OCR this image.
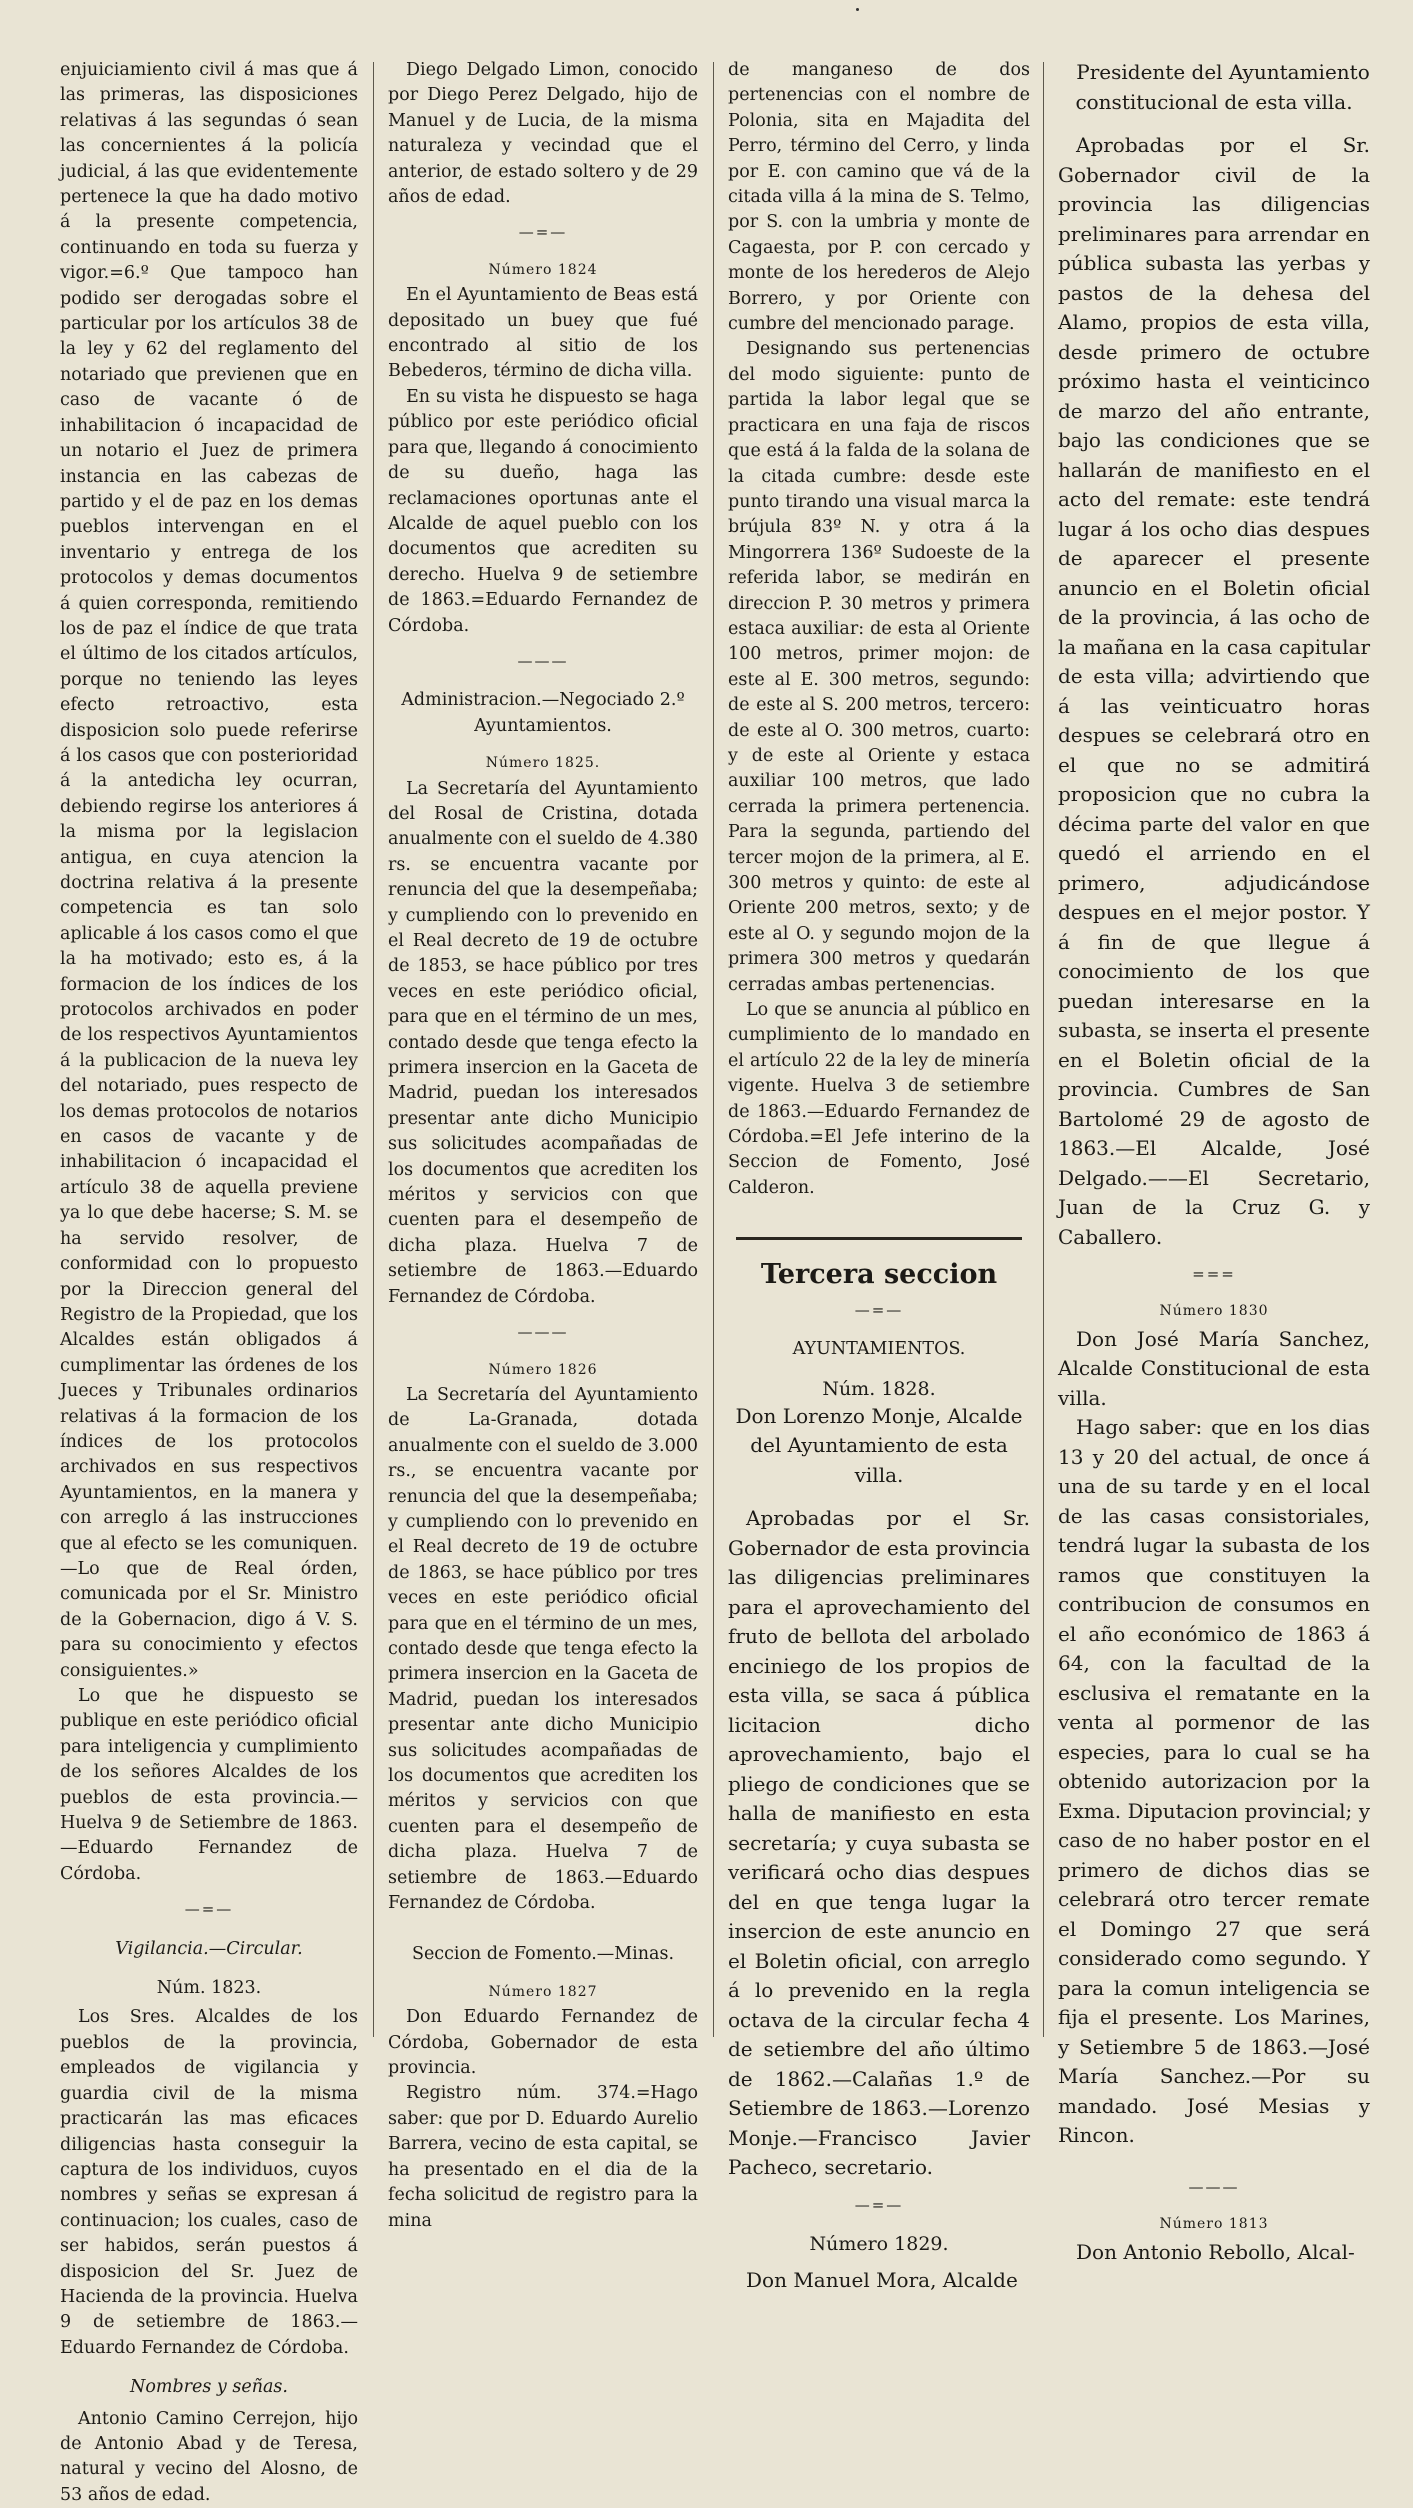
enjuiciamiento civil á mas que á las primeras, las disposiciones relativas á las segundas ó sean las concernientes á la policía judicial, á las que evidentemente pertenece la que ha dado motivo á la presente competencia, continuando en toda su fuerza y vigor.=6.º Que tampoco han podido ser derogadas sobre el particular por los artículos 38 de la ley y 62 del reglamento del notariado que previenen que en caso de vacante ó de inhabilitacion ó incapacidad de un notario el Juez de primera instancia en las cabezas de partido y el de paz en los demas pueblos intervengan en el inventario y entrega de los protocolos y demas documentos á quien corresponda, remitiendo los de paz el índice de que trata el último de los citados artículos, porque no teniendo las leyes efecto retroactivo, esta disposicion solo puede referirse á los casos que con posterioridad á la antedicha ley ocurran, debiendo regirse los anteriores á la misma por la legislacion antigua, en cuya atencion la doctrina relativa á la presente competencia es tan solo aplicable á los casos como el que la ha motivado; esto es, á la formacion de los índices de los protocolos archivados en poder de los respectivos Ayuntamientos á la publicacion de la nueva ley del notariado, pues respecto de los demas protocolos de notarios en casos de vacante y de inhabilitacion ó incapacidad el artículo 38 de aquella previene ya lo que debe hacerse; S. M. se ha servido resolver, de conformidad con lo propuesto por la Direccion general del Registro de la Propiedad, que los Alcaldes están obligados á cumplimentar las órdenes de los Jueces y Tribunales ordinarios relativas á la formacion de los índices de los protocolos archivados en sus respectivos Ayuntamientos, en la manera y con arreglo á las instrucciones que al efecto se les comuniquen.—Lo que de Real órden, comunicada por el Sr. Ministro de la Gobernacion, digo á V. S. para su conocimiento y efectos consiguientes.»

Lo que he dispuesto se publique en este periódico oficial para inteligencia y cumplimiento de los señores Alcaldes de los pueblos de esta provincia.—Huelva 9 de Setiembre de 1863.—Eduardo Fernandez de Córdoba.

—=—
Vigilancia.—Circular.
Núm. 1823.

Los Sres. Alcaldes de los pueblos de la provincia, empleados de vigilancia y guardia civil de la misma practicarán las mas eficaces diligencias hasta conseguir la captura de los individuos, cuyos nombres y señas se expresan á continuacion; los cuales, caso de ser habidos, serán puestos á disposicion del Sr. Juez de Hacienda de la provincia. Huelva 9 de setiembre de 1863.—Eduardo Fernandez de Córdoba.

Nombres y señas.

Antonio Camino Cerrejon, hijo de Antonio Abad y de Teresa, natural y vecino del Alosno, de 53 años de edad.

Diego Delgado Limon, conocido por Diego Perez Delgado, hijo de Manuel y de Lucia, de la misma naturaleza y vecindad que el anterior, de estado soltero y de 29 años de edad.

—=—
Número 1824

En el Ayuntamiento de Beas está depositado un buey que fué encontrado al sitio de los Bebederos, término de dicha villa.

En su vista he dispuesto se haga público por este periódico oficial para que, llegando á conocimiento de su dueño, haga las reclamaciones oportunas ante el Alcalde de aquel pueblo con los documentos que acrediten su derecho. Huelva 9 de setiembre de 1863.=Eduardo Fernandez de Córdoba.

———
Administracion.—Negociado 2.º Ayuntamientos.
Número 1825.

La Secretaría del Ayuntamiento del Rosal de Cristina, dotada anualmente con el sueldo de 4.380 rs. se encuentra vacante por renuncia del que la desempeñaba; y cumpliendo con lo prevenido en el Real decreto de 19 de octubre de 1853, se hace público por tres veces en este periódico oficial, para que en el término de un mes, contado desde que tenga efecto la primera insercion en la Gaceta de Madrid, puedan los interesados presentar ante dicho Municipio sus solicitudes acompañadas de los documentos que acrediten los méritos y servicios con que cuenten para el desempeño de dicha plaza. Huelva 7 de setiembre de 1863.—Eduardo Fernandez de Córdoba.

———
Número 1826

La Secretaría del Ayuntamiento de La-Granada, dotada anualmente con el sueldo de 3.000 rs., se encuentra vacante por renuncia del que la desempeñaba; y cumpliendo con lo prevenido en el Real decreto de 19 de octubre de 1863, se hace público por tres veces en este periódico oficial para que en el término de un mes, contado desde que tenga efecto la primera insercion en la Gaceta de Madrid, puedan los interesados presentar ante dicho Municipio sus solicitudes acompañadas de los documentos que acrediten los méritos y servicios con que cuenten para el desempeño de dicha plaza. Huelva 7 de setiembre de 1863.—Eduardo Fernandez de Córdoba.

Seccion de Fomento.—Minas.
Número 1827

Don Eduardo Fernandez de Córdoba, Gobernador de esta provincia.

Registro núm. 374.=Hago saber: que por D. Eduardo Aurelio Barrera, vecino de esta capital, se ha presentado en el dia de la fecha solicitud de registro para la mina

de manganeso de dos pertenencias con el nombre de Polonia, sita en Majadita del Perro, término del Cerro, y linda por E. con camino que vá de la citada villa á la mina de S. Telmo, por S. con la umbria y monte de Cagaesta, por P. con cercado y monte de los herederos de Alejo Borrero, y por Oriente con cumbre del mencionado parage.

Designando sus pertenencias del modo siguiente: punto de partida la labor legal que se practicara en una faja de riscos que está á la falda de la solana de la citada cumbre: desde este punto tirando una visual marca la brújula 83º N. y otra á la Mingorrera 136º Sudoeste de la referida labor, se medirán en direccion P. 30 metros y primera estaca auxiliar: de esta al Oriente 100 metros, primer mojon: de este al E. 300 metros, segundo: de este al S. 200 metros, tercero: de este al O. 300 metros, cuarto: y de este al Oriente y estaca auxiliar 100 metros, que lado cerrada la primera pertenencia. Para la segunda, partiendo del tercer mojon de la primera, al E. 300 metros y quinto: de este al Oriente 200 metros, sexto; y de este al O. y segundo mojon de la primera 300 metros y quedarán cerradas ambas pertenencias.

Lo que se anuncia al público en cumplimiento de lo mandado en el artículo 22 de la ley de minería vigente. Huelva 3 de setiembre de 1863.—Eduardo Fernandez de Córdoba.=El Jefe interino de la Seccion de Fomento, José Calderon.

Tercera seccion
—=—
AYUNTAMIENTOS.
Núm. 1828.

Don Lorenzo Monje, Alcalde del Ayuntamiento de esta villa.

Aprobadas por el Sr. Gobernador de esta provincia las diligencias preliminares para el aprovechamiento del fruto de bellota del arbolado enciniego de los propios de esta villa, se saca á pública licitacion dicho aprovechamiento, bajo el pliego de condiciones que se halla de manifiesto en esta secretaría; y cuya subasta se verificará ocho dias despues del en que tenga lugar la insercion de este anuncio en el Boletin oficial, con arreglo á lo prevenido en la regla octava de la circular fecha 4 de setiembre del año último de 1862.—Calañas 1.º de Setiembre de 1863.—Lorenzo Monje.—Francisco Javier Pacheco, secretario.

—=—
Número 1829.

Don Manuel Mora, Alcalde

Presidente del Ayuntamiento constitucional de esta villa.

Aprobadas por el Sr. Gobernador civil de la provincia las diligencias preliminares para arrendar en pública subasta las yerbas y pastos de la dehesa del Alamo, propios de esta villa, desde primero de octubre próximo hasta el veinticinco de marzo del año entrante, bajo las condiciones que se hallarán de manifiesto en el acto del remate: este tendrá lugar á los ocho dias despues de aparecer el presente anuncio en el Boletin oficial de la provincia, á las ocho de la mañana en la casa capitular de esta villa; advirtiendo que á las veinticuatro horas despues se celebrará otro en el que no se admitirá proposicion que no cubra la décima parte del valor en que quedó el arriendo en el primero, adjudicándose despues en el mejor postor. Y á fin de que llegue á conocimiento de los que puedan interesarse en la subasta, se inserta el presente en el Boletin oficial de la provincia. Cumbres de San Bartolomé 29 de agosto de 1863.—El Alcalde, José Delgado.——El Secretario, Juan de la Cruz G. y Caballero.

===
Número 1830

Don José María Sanchez, Alcalde Constitucional de esta villa.

Hago saber: que en los dias 13 y 20 del actual, de once á una de su tarde y en el local de las casas consistoriales, tendrá lugar la subasta de los ramos que constituyen la contribucion de consumos en el año económico de 1863 á 64, con la facultad de la esclusiva el rematante en la venta al pormenor de las especies, para lo cual se ha obtenido autorizacion por la Exma. Diputacion provincial; y caso de no haber postor en el primero de dichos dias se celebrará otro tercer remate el Domingo 27 que será considerado como segundo. Y para la comun inteligencia se fija el presente. Los Marines, y Setiembre 5 de 1863.—José María Sanchez.—Por su mandado. José Mesias y Rincon.

———
Número 1813

Don Antonio Rebollo, Alcal-
